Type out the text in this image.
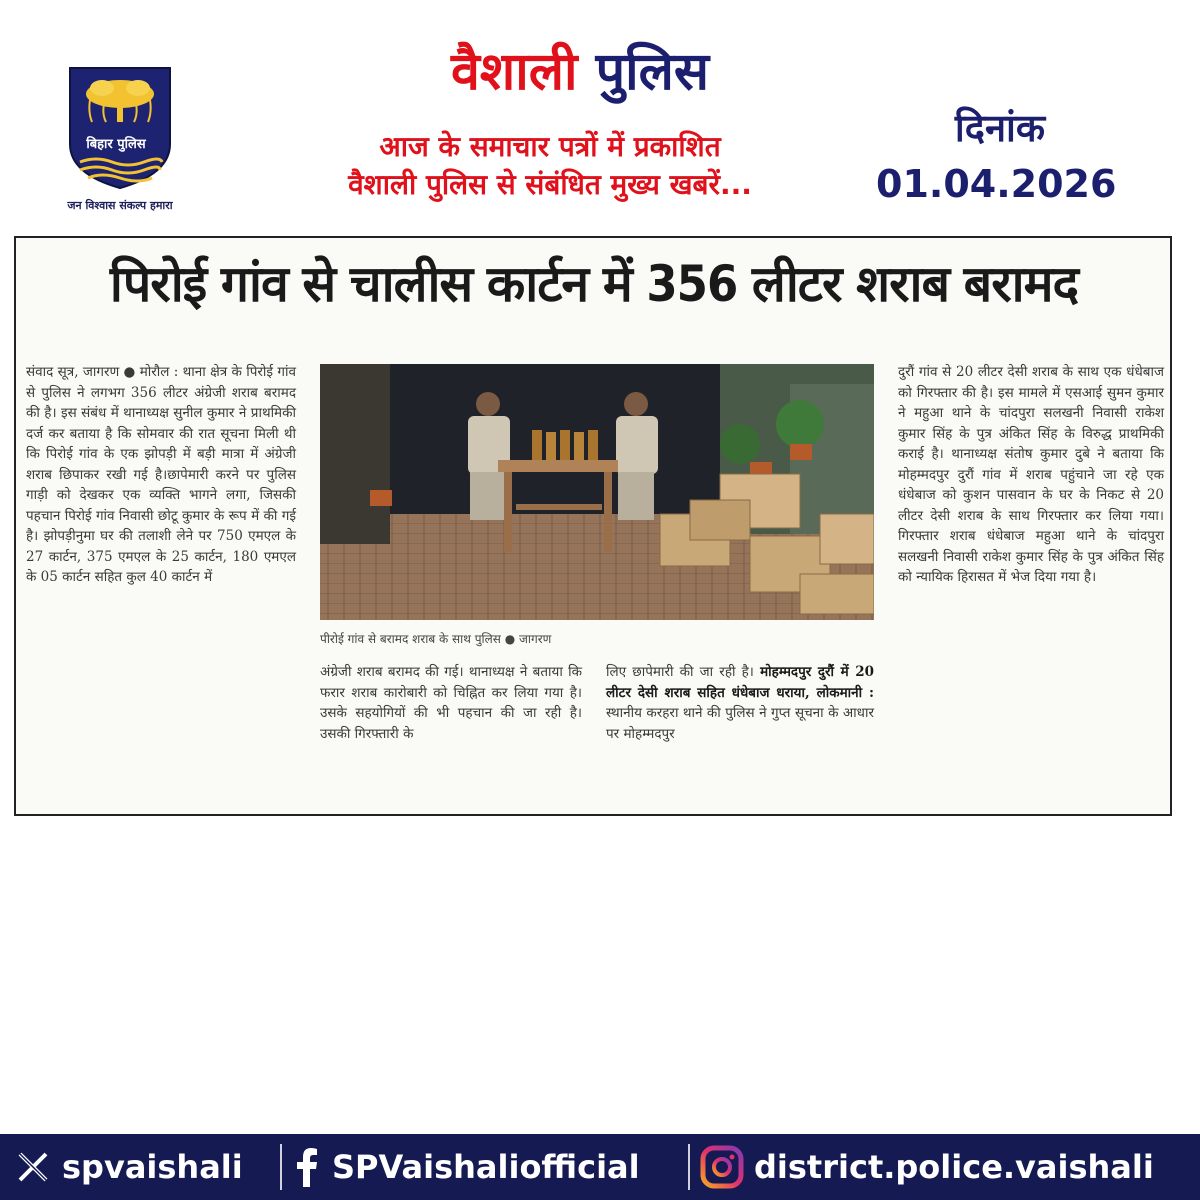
बिहार पुलिस
जन विश्वास संकल्प हमारा
वैशाली पुलिस
आज के समाचार पत्रों में प्रकाशित
वैशाली पुलिस से संबंधित मुख्य खबरें...
दिनांक
01.04.2026
पिरोई गांव से चालीस कार्टन में 356 लीटर शराब बरामद
संवाद सूत्र, जागरण ● मोरौल : थाना क्षेत्र के पिरोई गांव से पुलिस ने लगभग 356 लीटर अंग्रेजी शराब बरामद की है। इस संबंध में थानाध्यक्ष सुनील कुमार ने प्राथमिकी दर्ज कर बताया है कि सोमवार की रात सूचना मिली थी कि पिरोई गांव के एक झोपड़ी में बड़ी मात्रा में अंग्रेजी शराब छिपाकर रखी गई है।छापेमारी करने पर पुलिस गाड़ी को देखकर एक व्यक्ति भागने लगा, जिसकी पहचान पिरोई गांव निवासी छोटू कुमार के रूप में की गई है। झोपड़ीनुमा घर की तलाशी लेने पर 750 एमएल के 27 कार्टन, 375 एमएल के 25 कार्टन, 180 एमएल के 05 कार्टन सहित कुल 40 कार्टन में
पीरोई गांव से बरामद शराब के साथ पुलिस ● जागरण
अंग्रेजी शराब बरामद की गई। थानाध्यक्ष ने बताया कि फरार शराब कारोबारी को चिह्नित कर लिया गया है। उसके सहयोगियों की भी पहचान की जा रही है। उसकी गिरफ्तारी के
लिए छापेमारी की जा रही है। मोहम्मदपुर दुरौं में 20 लीटर देसी शराब सहित धंधेबाज धराया, लोकमानी : स्थानीय करहरा थाने की पुलिस ने गुप्त सूचना के आधार पर मोहम्मदपुर
दुरौं गांव से 20 लीटर देसी शराब के साथ एक धंधेबाज को गिरफ्तार की है। इस मामले में एसआई सुमन कुमार ने महुआ थाने के चांदपुरा सलखनी निवासी राकेश कुमार सिंह के पुत्र अंकित सिंह के विरुद्ध प्राथमिकी कराई है। थानाध्यक्ष संतोष कुमार दुबे ने बताया कि मोहम्मदपुर दुरौं गांव में शराब पहुंचाने जा रहे एक धंधेबाज को कुशन पासवान के घर के निकट से 20 लीटर देसी शराब के साथ गिरफ्तार कर लिया गया। गिरफ्तार शराब धंधेबाज महुआ थाने के चांदपुरा सलखनी निवासी राकेश कुमार सिंह के पुत्र अंकित सिंह को न्यायिक हिरासत में भेज दिया गया है।
spvaishali	SPVaishaliofficial	district.police.vaishali
